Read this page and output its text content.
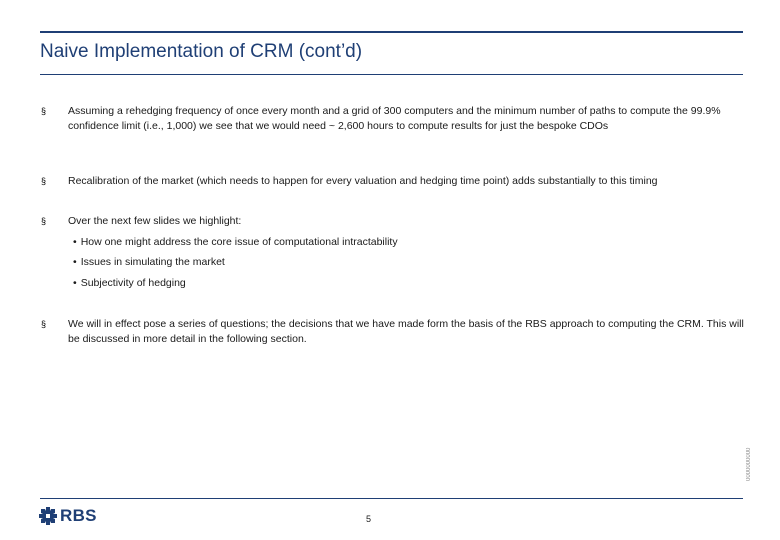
Naive Implementation of CRM (cont’d)
§ Assuming a rehedging frequency of once every month and a grid of 300 computers and the minimum number of paths to compute the 99.9% confidence limit (i.e., 1,000) we see that we would need ~ 2,600 hours to compute results for just the bespoke CDOs
§ Recalibration of the market (which needs to happen for every valuation and hedging time point) adds substantially to this timing
§ Over the next few slides we highlight:
• How one might address the core issue of computational intractability
• Issues in simulating the market
• Subjectivity of hedging
§ We will in effect pose a series of questions; the decisions that we have made form the basis of the RBS approach to computing the CRM. This will be discussed in more detail in the following section.
0000000000
RBS	5
